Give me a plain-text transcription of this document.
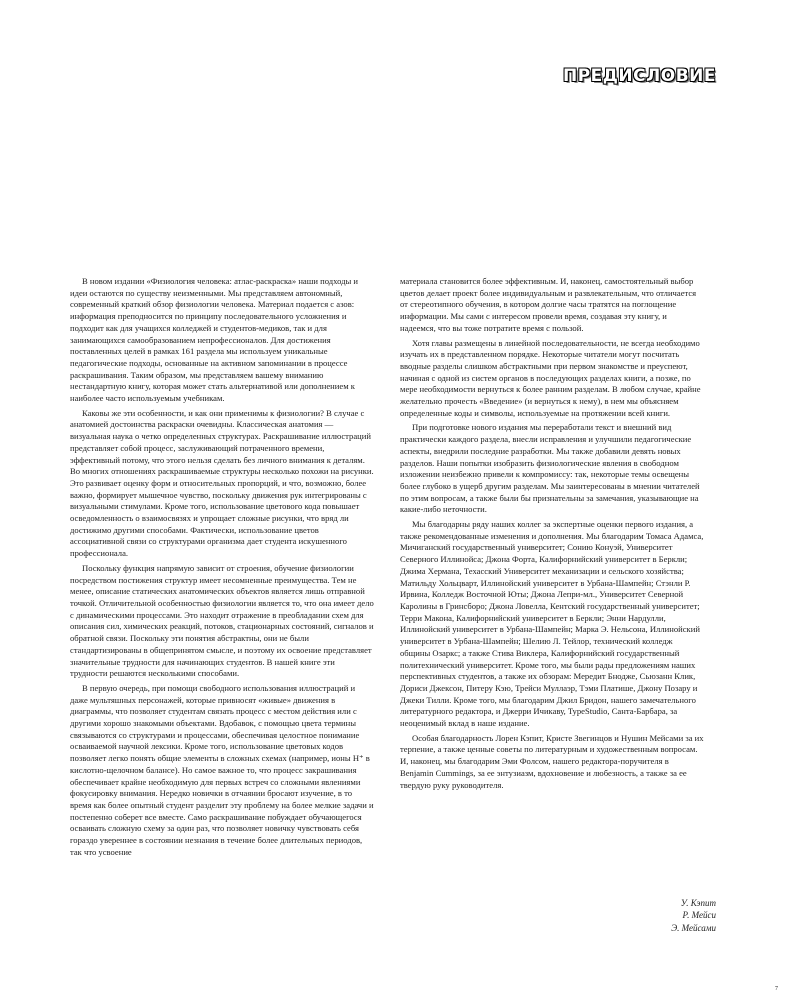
ПРЕДИСЛОВИЕ

В новом издании «Физиология человека: атлас-раскраска» наши подходы и идеи остаются по существу неизменными. Мы представляем автономный, современный краткий обзор физиологии человека. Материал подается с азов: информация преподносится по принципу последовательного усложнения и подходит как для учащихся колледжей и студентов-медиков, так и для занимающихся самообразованием непрофессионалов. Для достижения поставленных целей в рамках 161 раздела мы используем уникальные педагогические подходы, основанные на активном запоминании в процессе раскрашивания. Таким образом, мы представляем вашему вниманию нестандартную книгу, которая может стать альтернативой или дополнением к наиболее часто используемым учебникам.

Каковы же эти особенности, и как они применимы к физиологии? В случае с анатомией достоинства раскраски очевидны. Классическая анатомия — визуальная наука о четко определенных структурах. Раскрашивание иллюстраций представляет собой процесс, заслуживающий потраченного времени, эффективный потому, что этого нельзя сделать без личного внимания к деталям. Во многих отношениях раскрашиваемые структуры несколько похожи на рисунки. Это развивает оценку форм и относительных пропорций, и что, возможно, более важно, формирует мышечное чувство, поскольку движения рук интегрированы с визуальными стимулами. Кроме того, использование цветового кода повышает осведомленность о взаимосвязях и упрощает сложные рисунки, что вряд ли достижимо другими способами. Фактически, использование цветов ассоциативной связи со структурами организма дает студента искушенного профессионала.

Поскольку функция напрямую зависит от строения, обучение физиологии посредством постижения структур имеет несомненные преимущества. Тем не менее, описание статических анатомических объектов является лишь отправной точкой. Отличительной особенностью физиологии является то, что она имеет дело с динамическими процессами. Это находит отражение в преобладании схем для описания сил, химических реакций, потоков, стационарных состояний, сигналов и обратной связи. Поскольку эти понятия абстрактны, они не были стандартизированы в общепринятом смысле, и поэтому их освоение представляет значительные трудности для начинающих студентов. В нашей книге эти трудности решаются несколькими способами.

В первую очередь, при помощи свободного использования иллюстраций и даже мультяшных персонажей, которые привносят «живые» движения в диаграммы, что позволяет студентам связать процесс с местом действия или с другими хорошо знакомыми объектами. Вдобавок, с помощью цвета термины связываются со структурами и процессами, обеспечивая целостное понимание осваиваемой научной лексики. Кроме того, использование цветовых кодов позволяет легко понять общие элементы в сложных схемах (например, ионы H⁺ в кислотно-щелочном балансе). Но самое важное то, что процесс закрашивания обеспечивает крайне необходимую для первых встреч со сложными явлениями фокусировку внимания. Нередко новички в отчаянии бросают изучение, в то время как более опытный студент разделит эту проблему на более мелкие задачи и постепенно соберет все вместе. Само раскрашивание побуждает обучающегося осваивать сложную схему за один раз, что позволяет новичку чувствовать себя гораздо увереннее в состоянии незнания в течение более длительных периодов, так что усвоение

материала становится более эффективным. И, наконец, самостоятельный выбор цветов делает проект более индивидуальным и развлекательным, что отличается от стереотипного обучения, в котором долгие часы тратятся на поглощение информации. Мы сами с интересом провели время, создавая эту книгу, и надеемся, что вы тоже потратите время с пользой.

Хотя главы размещены в линейной последовательности, не всегда необходимо изучать их в представленном порядке. Некоторые читатели могут посчитать вводные разделы слишком абстрактными при первом знакомстве и преуспеют, начиная с одной из систем органов в последующих разделах книги, а позже, по мере необходимости вернуться к более ранним разделам. В любом случае, крайне желательно прочесть «Введение» (и вернуться к нему), в нем мы объясняем определенные коды и символы, используемые на протяжении всей книги.

При подготовке нового издания мы переработали текст и внешний вид практически каждого раздела, внесли исправления и улучшили педагогические аспекты, внедрили последние разработки. Мы также добавили девять новых разделов. Наши попытки изобразить физиологические явления в свободном изложении неизбежно привели к компромиссу: так, некоторые темы освещены более глубоко в ущерб другим разделам. Мы заинтересованы в мнении читателей по этим вопросам, а также были бы признательны за замечания, указывающие на какие-либо неточности.

Мы благодарны ряду наших коллег за экспертные оценки первого издания, а также рекомендованные изменения и дополнения. Мы благодарим Томаса Адамса, Мичиганский государственный университет; Сонию Конуэй, Университет Северного Иллинойса; Джона Форта, Калифорнийский университет в Беркли; Джима Хермана, Техасский Университет механизации и сельского хозяйства; Матильду Хольцварт, Иллинойский университет в Урбана-Шампейн; Стэнли Р. Ирвина, Колледж Восточной Юты; Джона Лепри-мл., Университет Северной Каролины в Гринсборо; Джона Ловелла, Кентский государственный университет; Терри Макона, Калифорнийский университет в Беркли; Энни Нардулли, Иллинойский университет в Урбана-Шампейн; Марка Э. Нельсона, Иллинойский университет в Урбана-Шампейн; Шелию Л. Тейлор, технический колледж общины Озаркс; а также Стива Виклера, Калифорнийский государственный политехнический университет. Кроме того, мы были рады предложениям наших перспективных студентов, а также их обзорам: Мередит Бнодже, Сьюзанн Клик, Дориси Джексон, Питеру Кэю, Трейси Муллаэр, Тэми Платише, Джону Позару и Джеки Тилли. Кроме того, мы благодарим Джил Бридон, нашего замечательного литературного редактора, и Джерри Ичикаву, TypeStudio, Санта-Барбара, за неоценимый вклад в наше издание.

Особая благодарность Лорен Кэпит, Кристе Звегинцов и Нушин Мейсами за их терпение, а также ценные советы по литературным и художественным вопросам. И, наконец, мы благодарим Эми Фолсом, нашего редактора-поручителя в Benjamin Cummings, за ее энтузиазм, вдохновение и любезность, а также за ее твердую руку руководителя.

У. Кэпит
Р. Мейси
Э. Мейсами
7
